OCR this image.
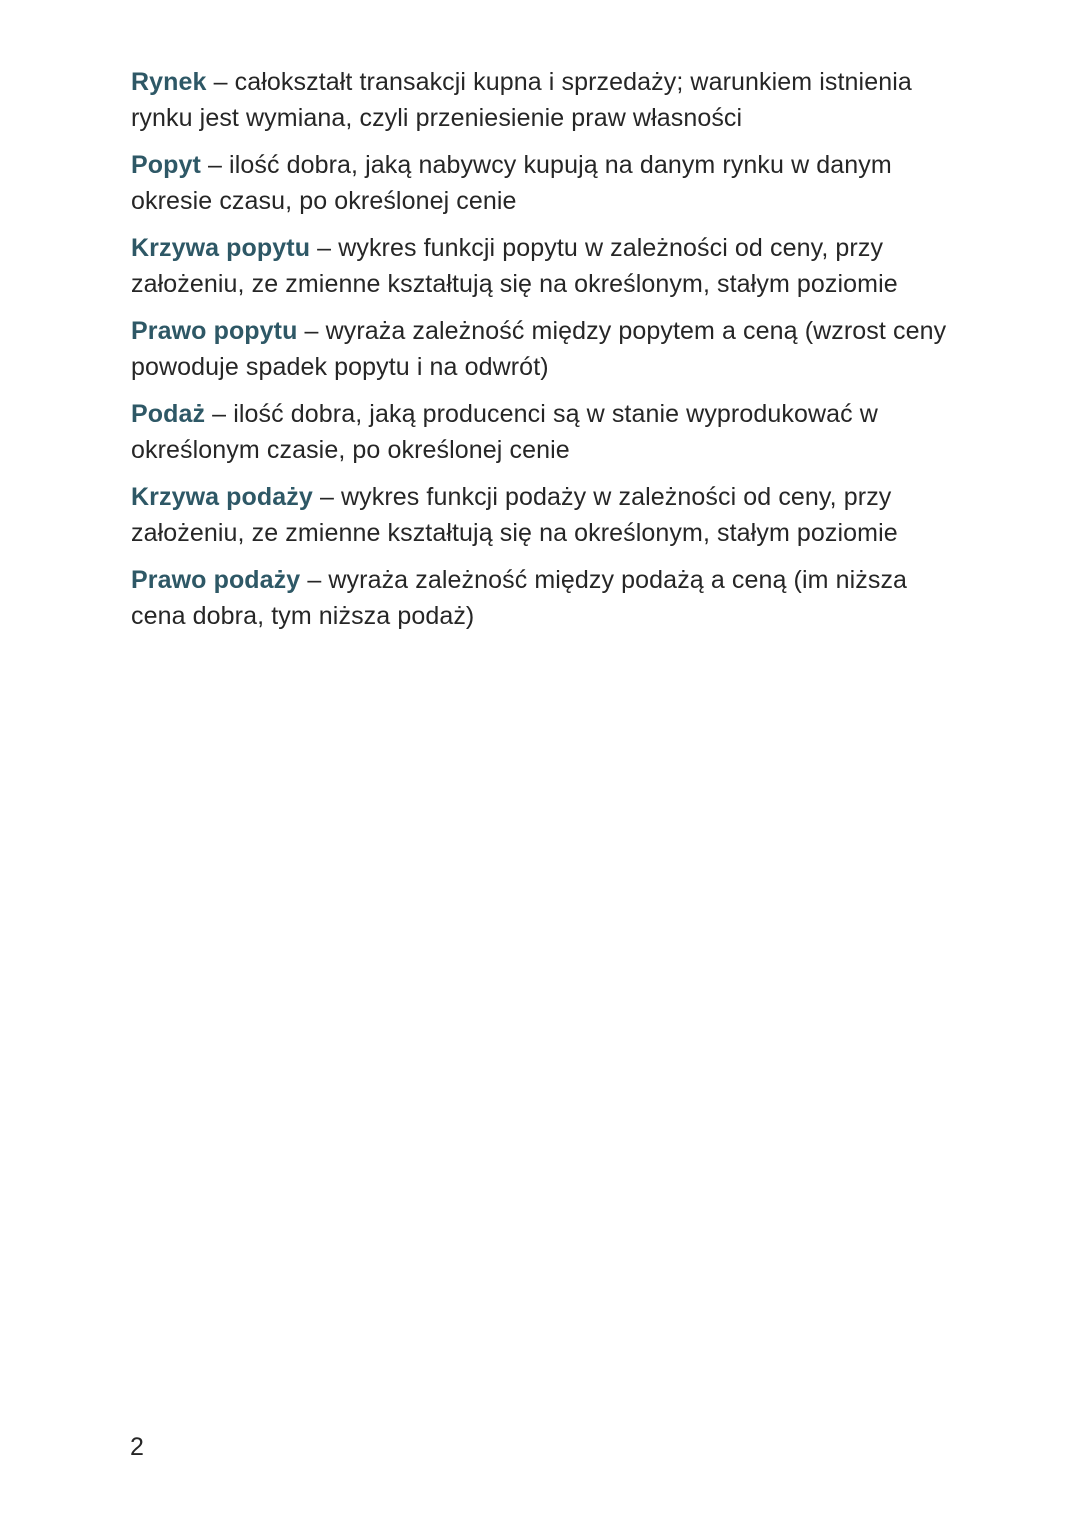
Rynek – całokształt transakcji kupna i sprzedaży; warunkiem istnienia rynku jest wymiana, czyli przeniesienie praw własności

Popyt – ilość dobra, jaką nabywcy kupują na danym rynku w danym okresie czasu, po określonej cenie

Krzywa popytu – wykres funkcji popytu w zależności od ceny, przy założeniu, ze zmienne kształtują się na określonym, stałym poziomie

Prawo popytu – wyraża zależność między popytem a ceną (wzrost ceny powoduje spadek popytu i na odwrót)

Podaż – ilość dobra, jaką producenci są w stanie wyprodukować w określonym czasie, po określonej cenie

Krzywa podaży – wykres funkcji podaży w zależności od ceny, przy założeniu, ze zmienne kształtują się na określonym, stałym poziomie

Prawo podaży – wyraża zależność między podażą a ceną (im niższa cena dobra, tym niższa podaż)

2
